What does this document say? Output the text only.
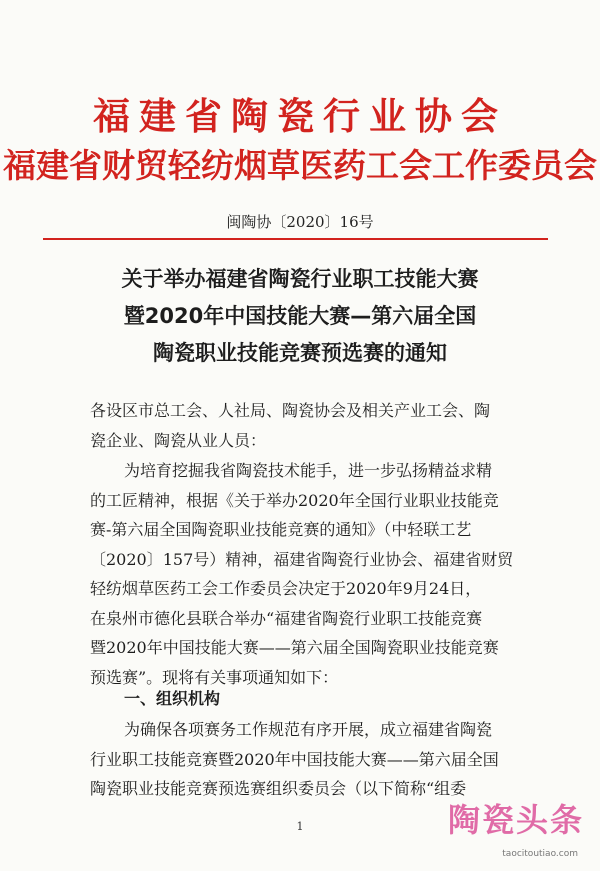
福建省陶瓷行业协会
福建省财贸轻纺烟草医药工会工作委员会
闽陶协〔2020〕16号
关于举办福建省陶瓷行业职工技能大赛
暨2020年中国技能大赛—第六届全国
陶瓷职业技能竞赛预选赛的通知
各设区市总工会、人社局、陶瓷协会及相关产业工会、陶
瓷企业、陶瓷从业人员：
为培育挖掘我省陶瓷技术能手，进一步弘扬精益求精
的工匠精神，根据《关于举办2020年全国行业职业技能竞
赛-第六届全国陶瓷职业技能竞赛的通知》（中轻联工艺
〔2020〕157号）精神，福建省陶瓷行业协会、福建省财贸
轻纺烟草医药工会工作委员会决定于2020年9月24日，
在泉州市德化县联合举办“福建省陶瓷行业职工技能竞赛
暨2020年中国技能大赛——第六届全国陶瓷职业技能竞赛
预选赛”。现将有关事项通知如下：
一、组织机构
为确保各项赛务工作规范有序开展，成立福建省陶瓷
行业职工技能竞赛暨2020年中国技能大赛——第六届全国
陶瓷职业技能竞赛预选赛组织委员会（以下简称“组委
1	陶瓷头条
taocitoutiao.com
